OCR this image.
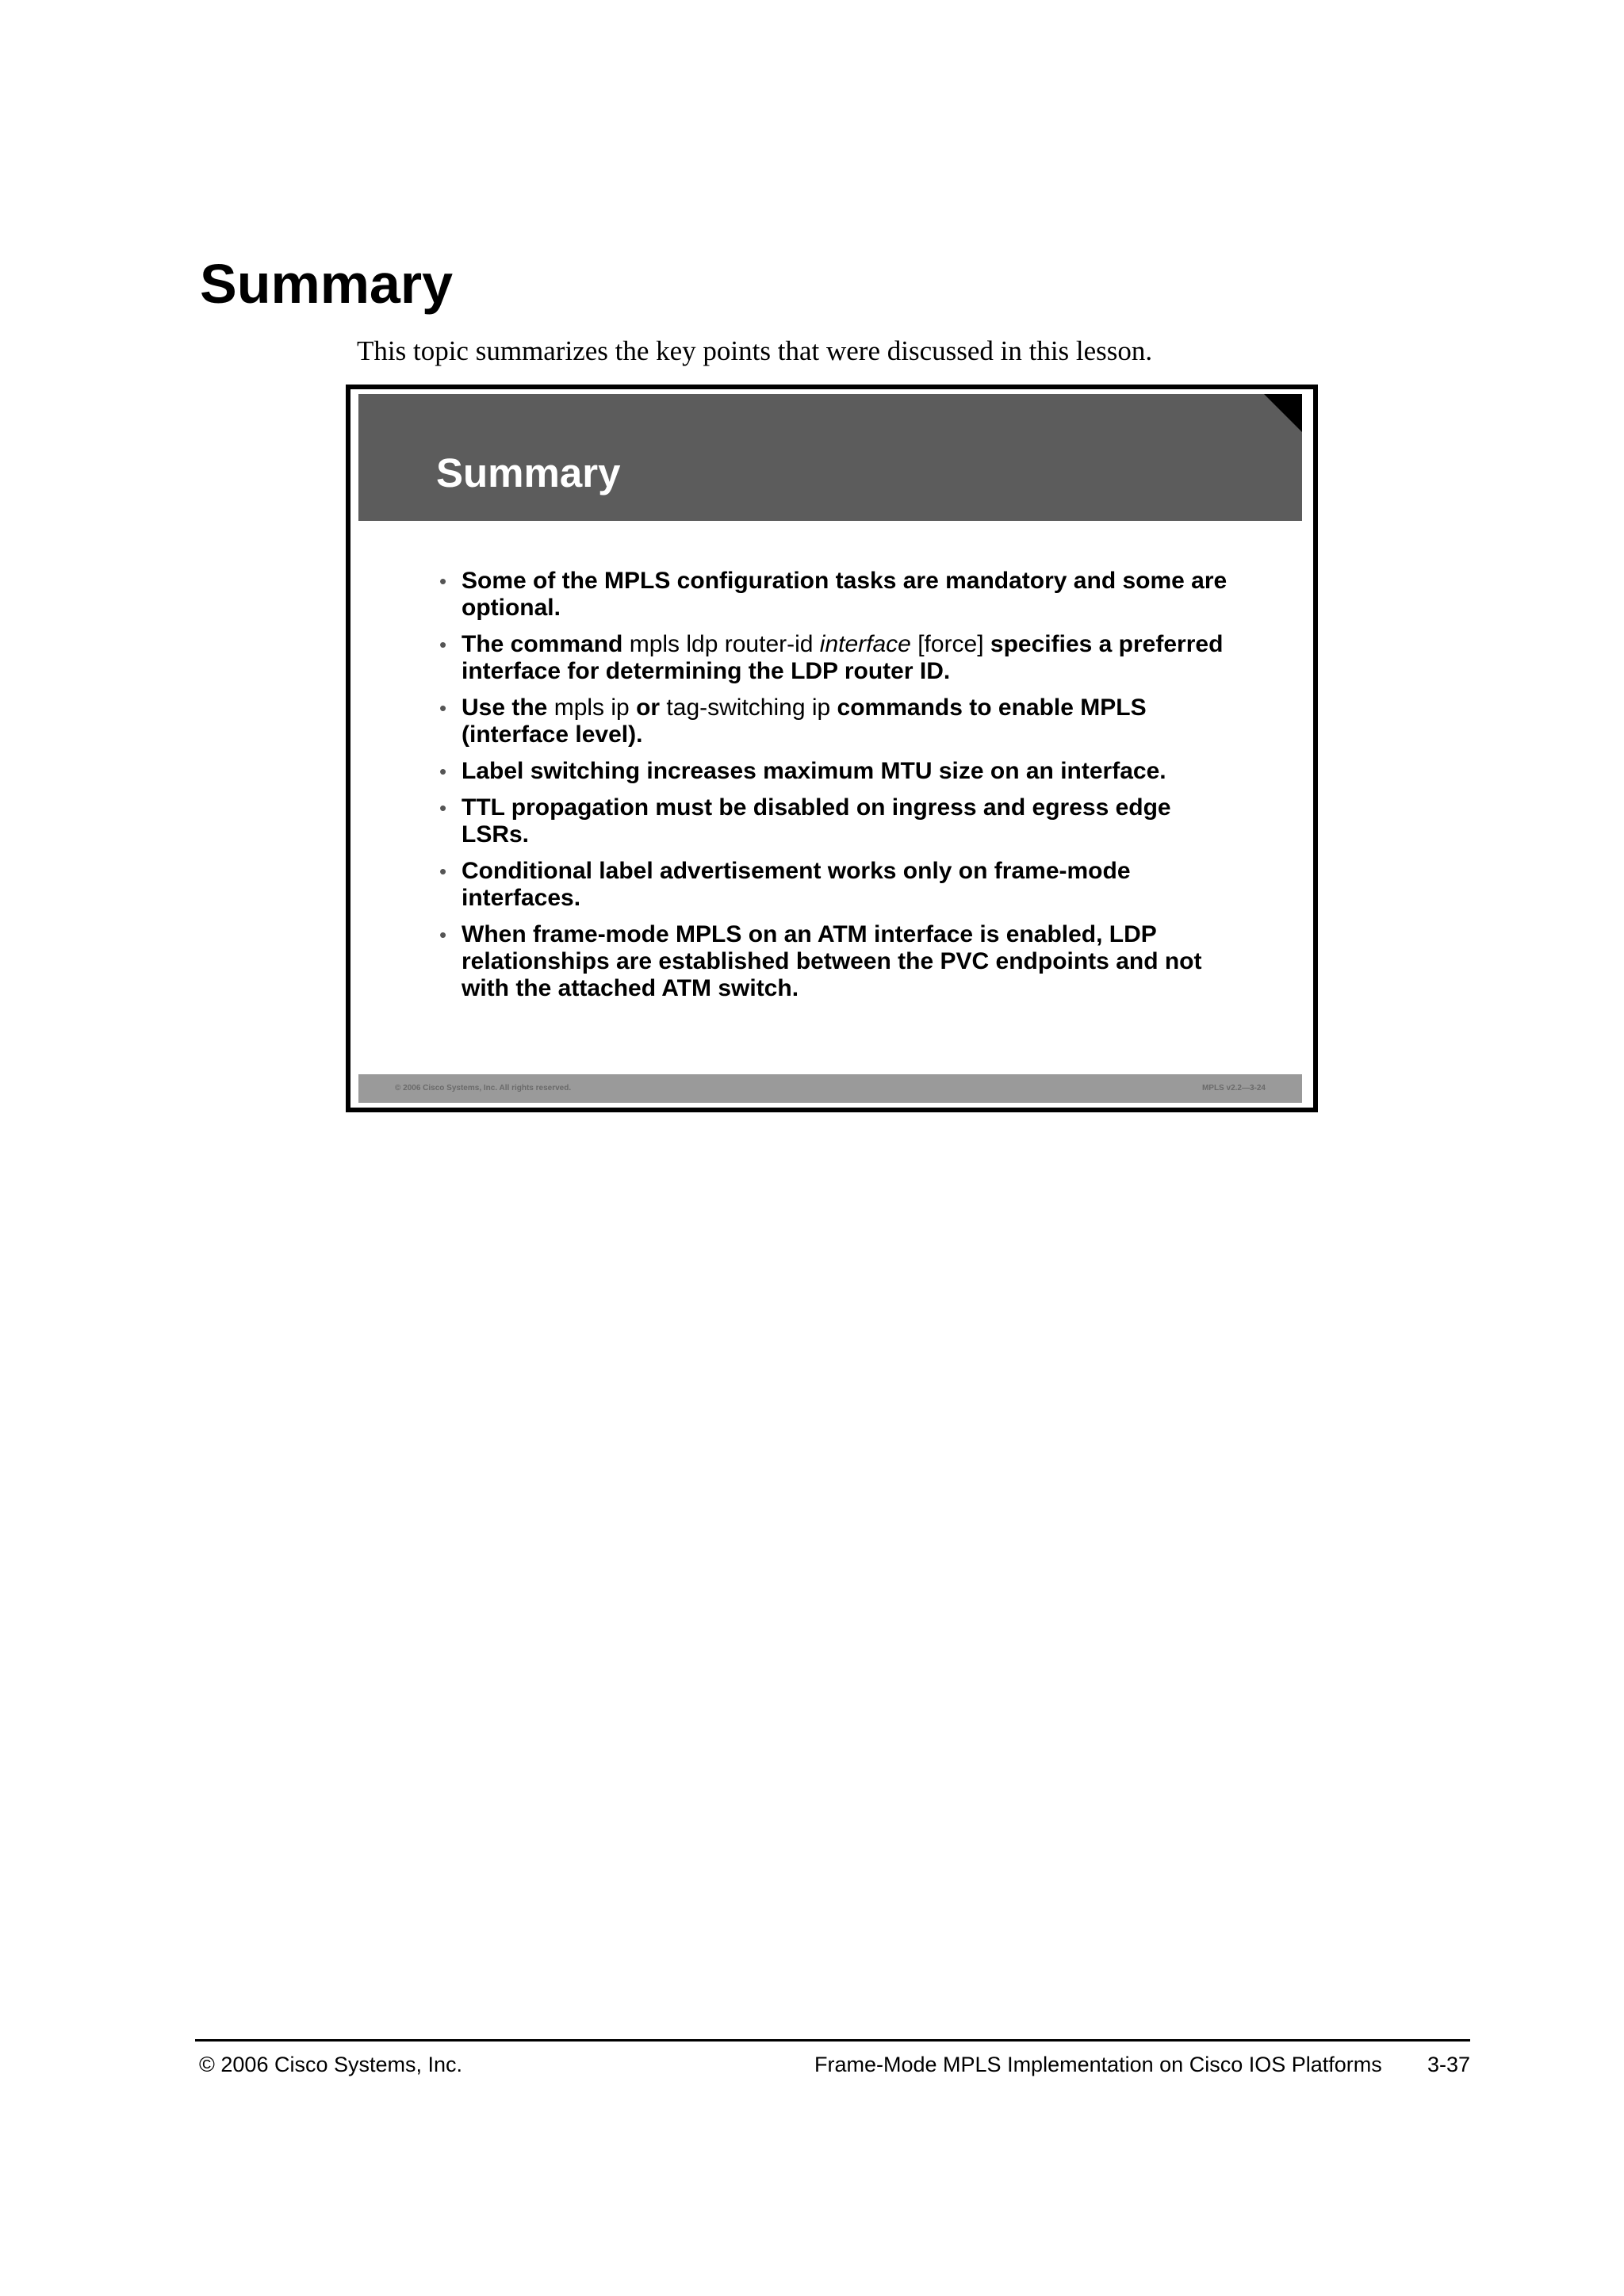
Summary

This topic summarizes the key points that were discussed in this lesson.

Summary
• Some of the MPLS configuration tasks are mandatory and some are optional.
• The command mpls ldp router-id interface [force] specifies a preferred interface for determining the LDP router ID.
• Use the mpls ip or tag-switching ip commands to enable MPLS (interface level).
• Label switching increases maximum MTU size on an interface.
• TTL propagation must be disabled on ingress and egress edge LSRs.
• Conditional label advertisement works only on frame-mode interfaces.
• When frame-mode MPLS on an ATM interface is enabled, LDP relationships are established between the PVC endpoints and not with the attached ATM switch.
© 2006 Cisco Systems, Inc. All rights reserved.	MPLS v2.2—3-24

© 2006 Cisco Systems, Inc.	Frame-Mode MPLS Implementation on Cisco IOS Platforms 3-37
